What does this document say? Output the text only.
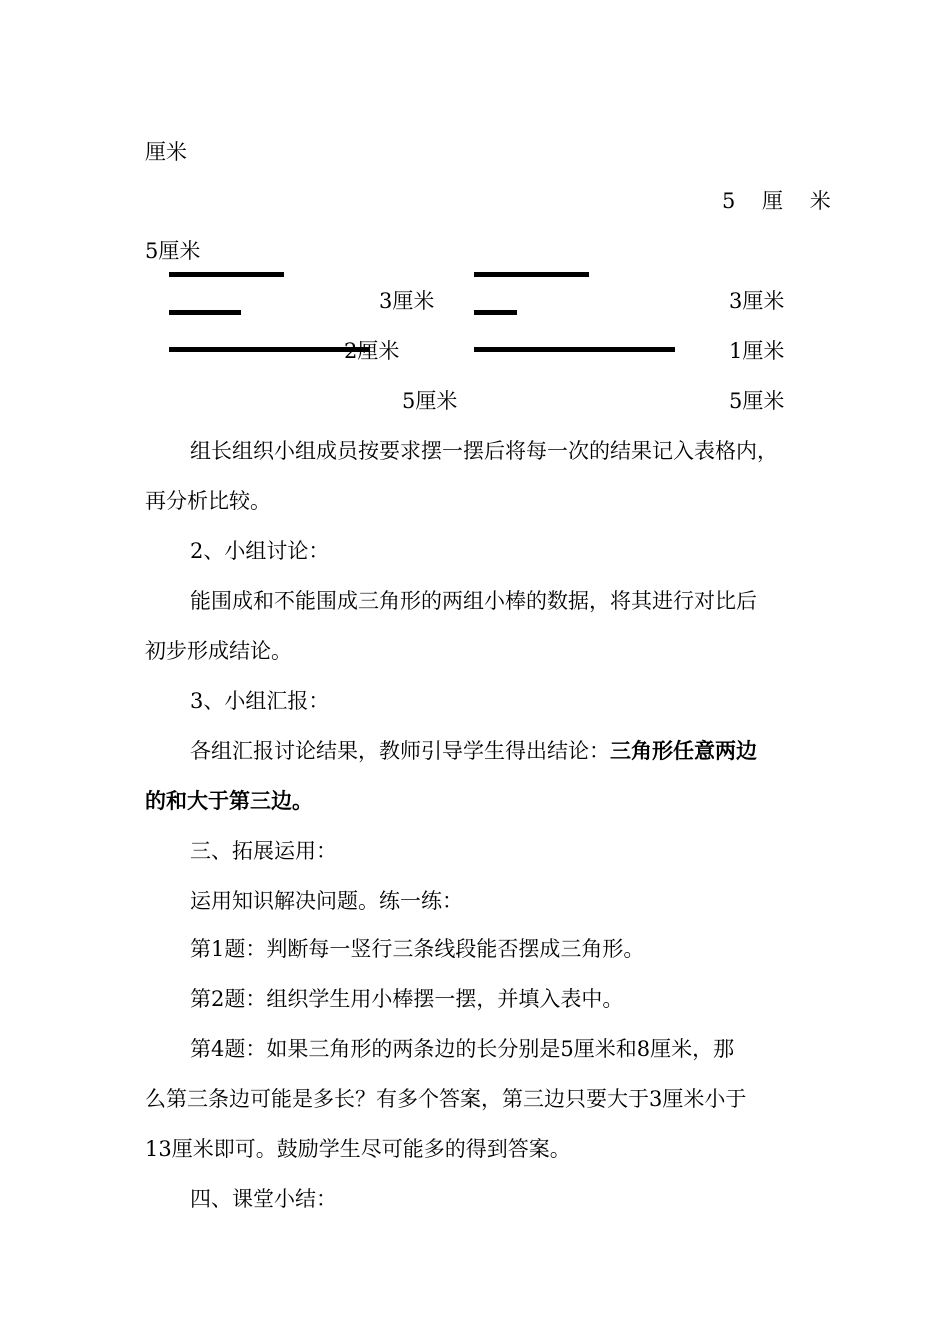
厘米
5 厘 米
5厘米
3厘米
2厘米
5厘米
3厘米
1厘米
5厘米
组长组织小组成员按要求摆一摆后将每一次的结果记入表格内，
再分析比较。
2、小组讨论：
能围成和不能围成三角形的两组小棒的数据，将其进行对比后
初步形成结论。
3、小组汇报：
各组汇报讨论结果，教师引导学生得出结论：三角形任意两边
的和大于第三边。
三、拓展运用：
运用知识解决问题。练一练：
第1题：判断每一竖行三条线段能否摆成三角形。
第2题：组织学生用小棒摆一摆，并填入表中。
第4题：如果三角形的两条边的长分别是5厘米和8厘米，那
么第三条边可能是多长？有多个答案，第三边只要大于3厘米小于
13厘米即可。鼓励学生尽可能多的得到答案。
四、课堂小结：
